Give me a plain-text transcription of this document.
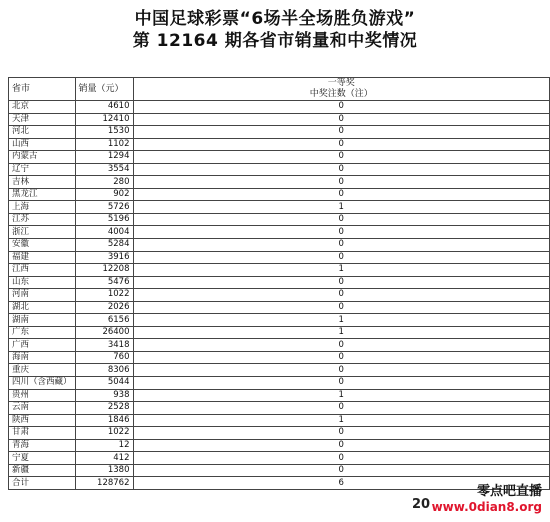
中国足球彩票“6场半全场胜负游戏”
第 12164 期各省市销量和中奖情况
省市	销量（元）	一等奖
中奖注数（注）

北京	4610	0
天津	12410	0
河北	1530	0
山西	1102	0
内蒙古	1294	0
辽宁	3554	0
吉林	280	0
黑龙江	902	0
上海	5726	1
江苏	5196	0
浙江	4004	0
安徽	5284	0
福建	3916	0
江西	12208	1
山东	5476	0
河南	1022	0
湖北	2026	0
湖南	6156	1
广东	26400	1
广西	3418	0
海南	760	0
重庆	8306	0
四川（含西藏）	5044	0
贵州	938	1
云南	2528	0
陕西	1846	1
甘肃	1022	0
青海	12	0
宁夏	412	0
新疆	1380	0
合计	128762	6
20
零点吧直播
www.0dian8.org
